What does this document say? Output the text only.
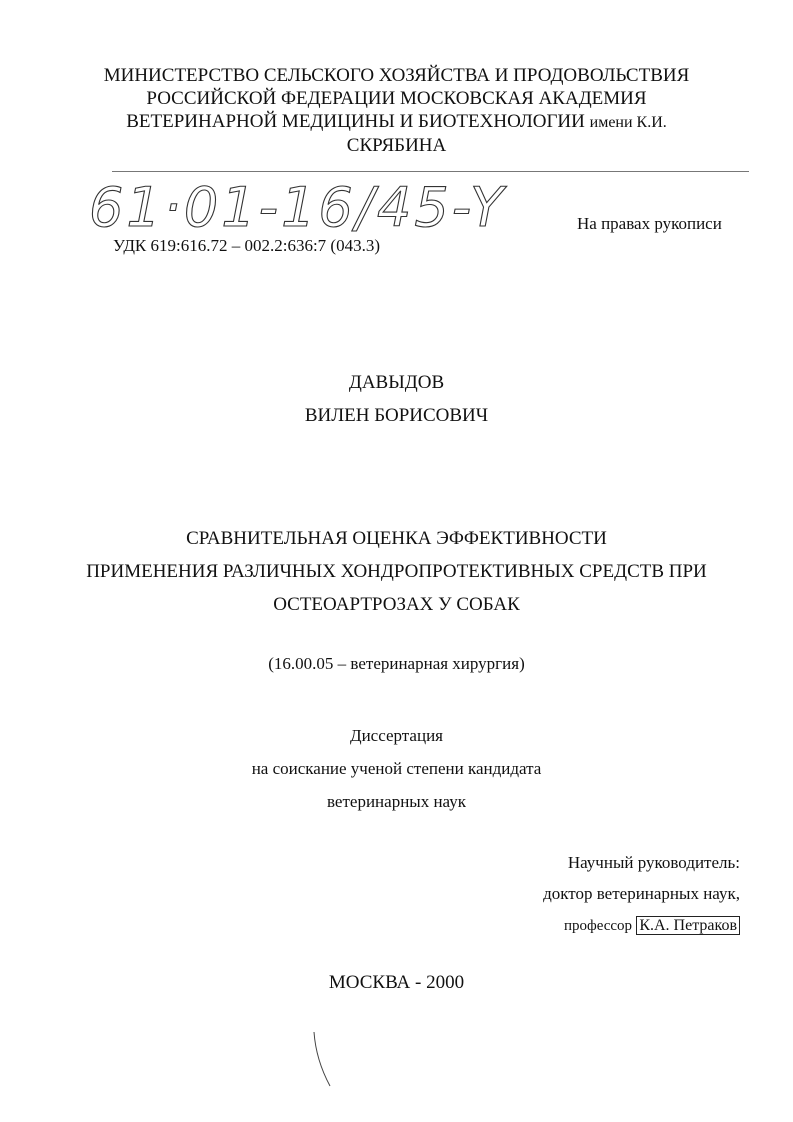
МИНИСТЕРСТВО СЕЛЬСКОГО ХОЗЯЙСТВА И ПРОДОВОЛЬСТВИЯ
РОССИЙСКОЙ ФЕДЕРАЦИИ МОСКОВСКАЯ АКАДЕМИЯ
ВЕТЕРИНАРНОЙ МЕДИЦИНЫ И БИОТЕХНОЛОГИИ имени К.И.
СКРЯБИНА
61·01-16/45-Y
УДК 619:616.72 – 002.2:636:7 (043.3)
На правах рукописи
ДАВЫДОВ
ВИЛЕН БОРИСОВИЧ
СРАВНИТЕЛЬНАЯ ОЦЕНКА ЭФФЕКТИВНОСТИ
ПРИМЕНЕНИЯ РАЗЛИЧНЫХ ХОНДРОПРОТЕКТИВНЫХ СРЕДСТВ ПРИ
ОСТЕОАРТРОЗАХ У СОБАК
(16.00.05 – ветеринарная хирургия)
Диссертация
на соискание ученой степени кандидата
ветеринарных наук
Научный руководитель:
доктор ветеринарных наук,
профессор К.А. Петраков
МОСКВА - 2000
